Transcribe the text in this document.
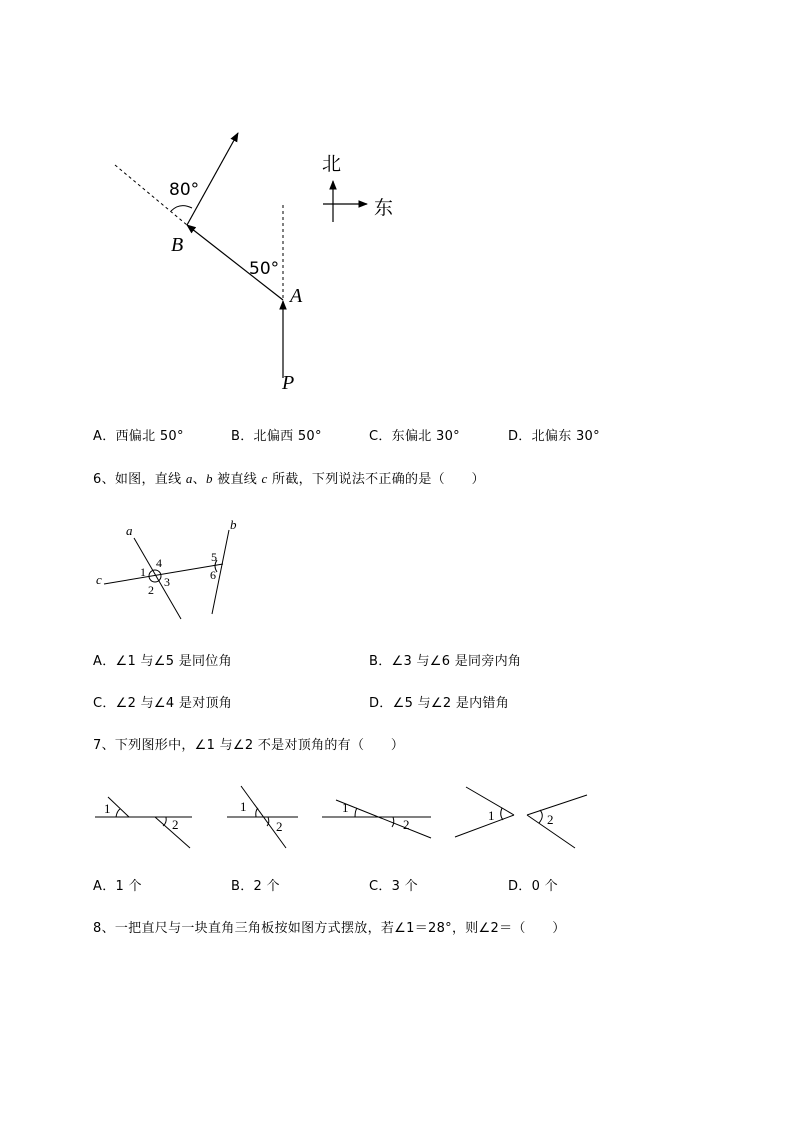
80°
50°
B
A
P
北
东
A．西偏北 50°	B．北偏西 50°	C．东偏北 30°	D．北偏东 30°
6、如图，直线 a、b 被直线 c 所截，下列说法不正确的是（　　）
a	b
c	1
2
3
4	5
6
A．∠1 与∠5 是同位角	B．∠3 与∠6 是同旁内角
C．∠2 与∠4 是对顶角	D．∠5 与∠2 是内错角
7、下列图形中，∠1 与∠2 不是对顶角的有（　　）
1
2
1
2
1
2
1	2
A．1 个	B．2 个	C．3 个	D．0 个
8、一把直尺与一块直角三角板按如图方式摆放，若∠1＝28°，则∠2＝（　　）
